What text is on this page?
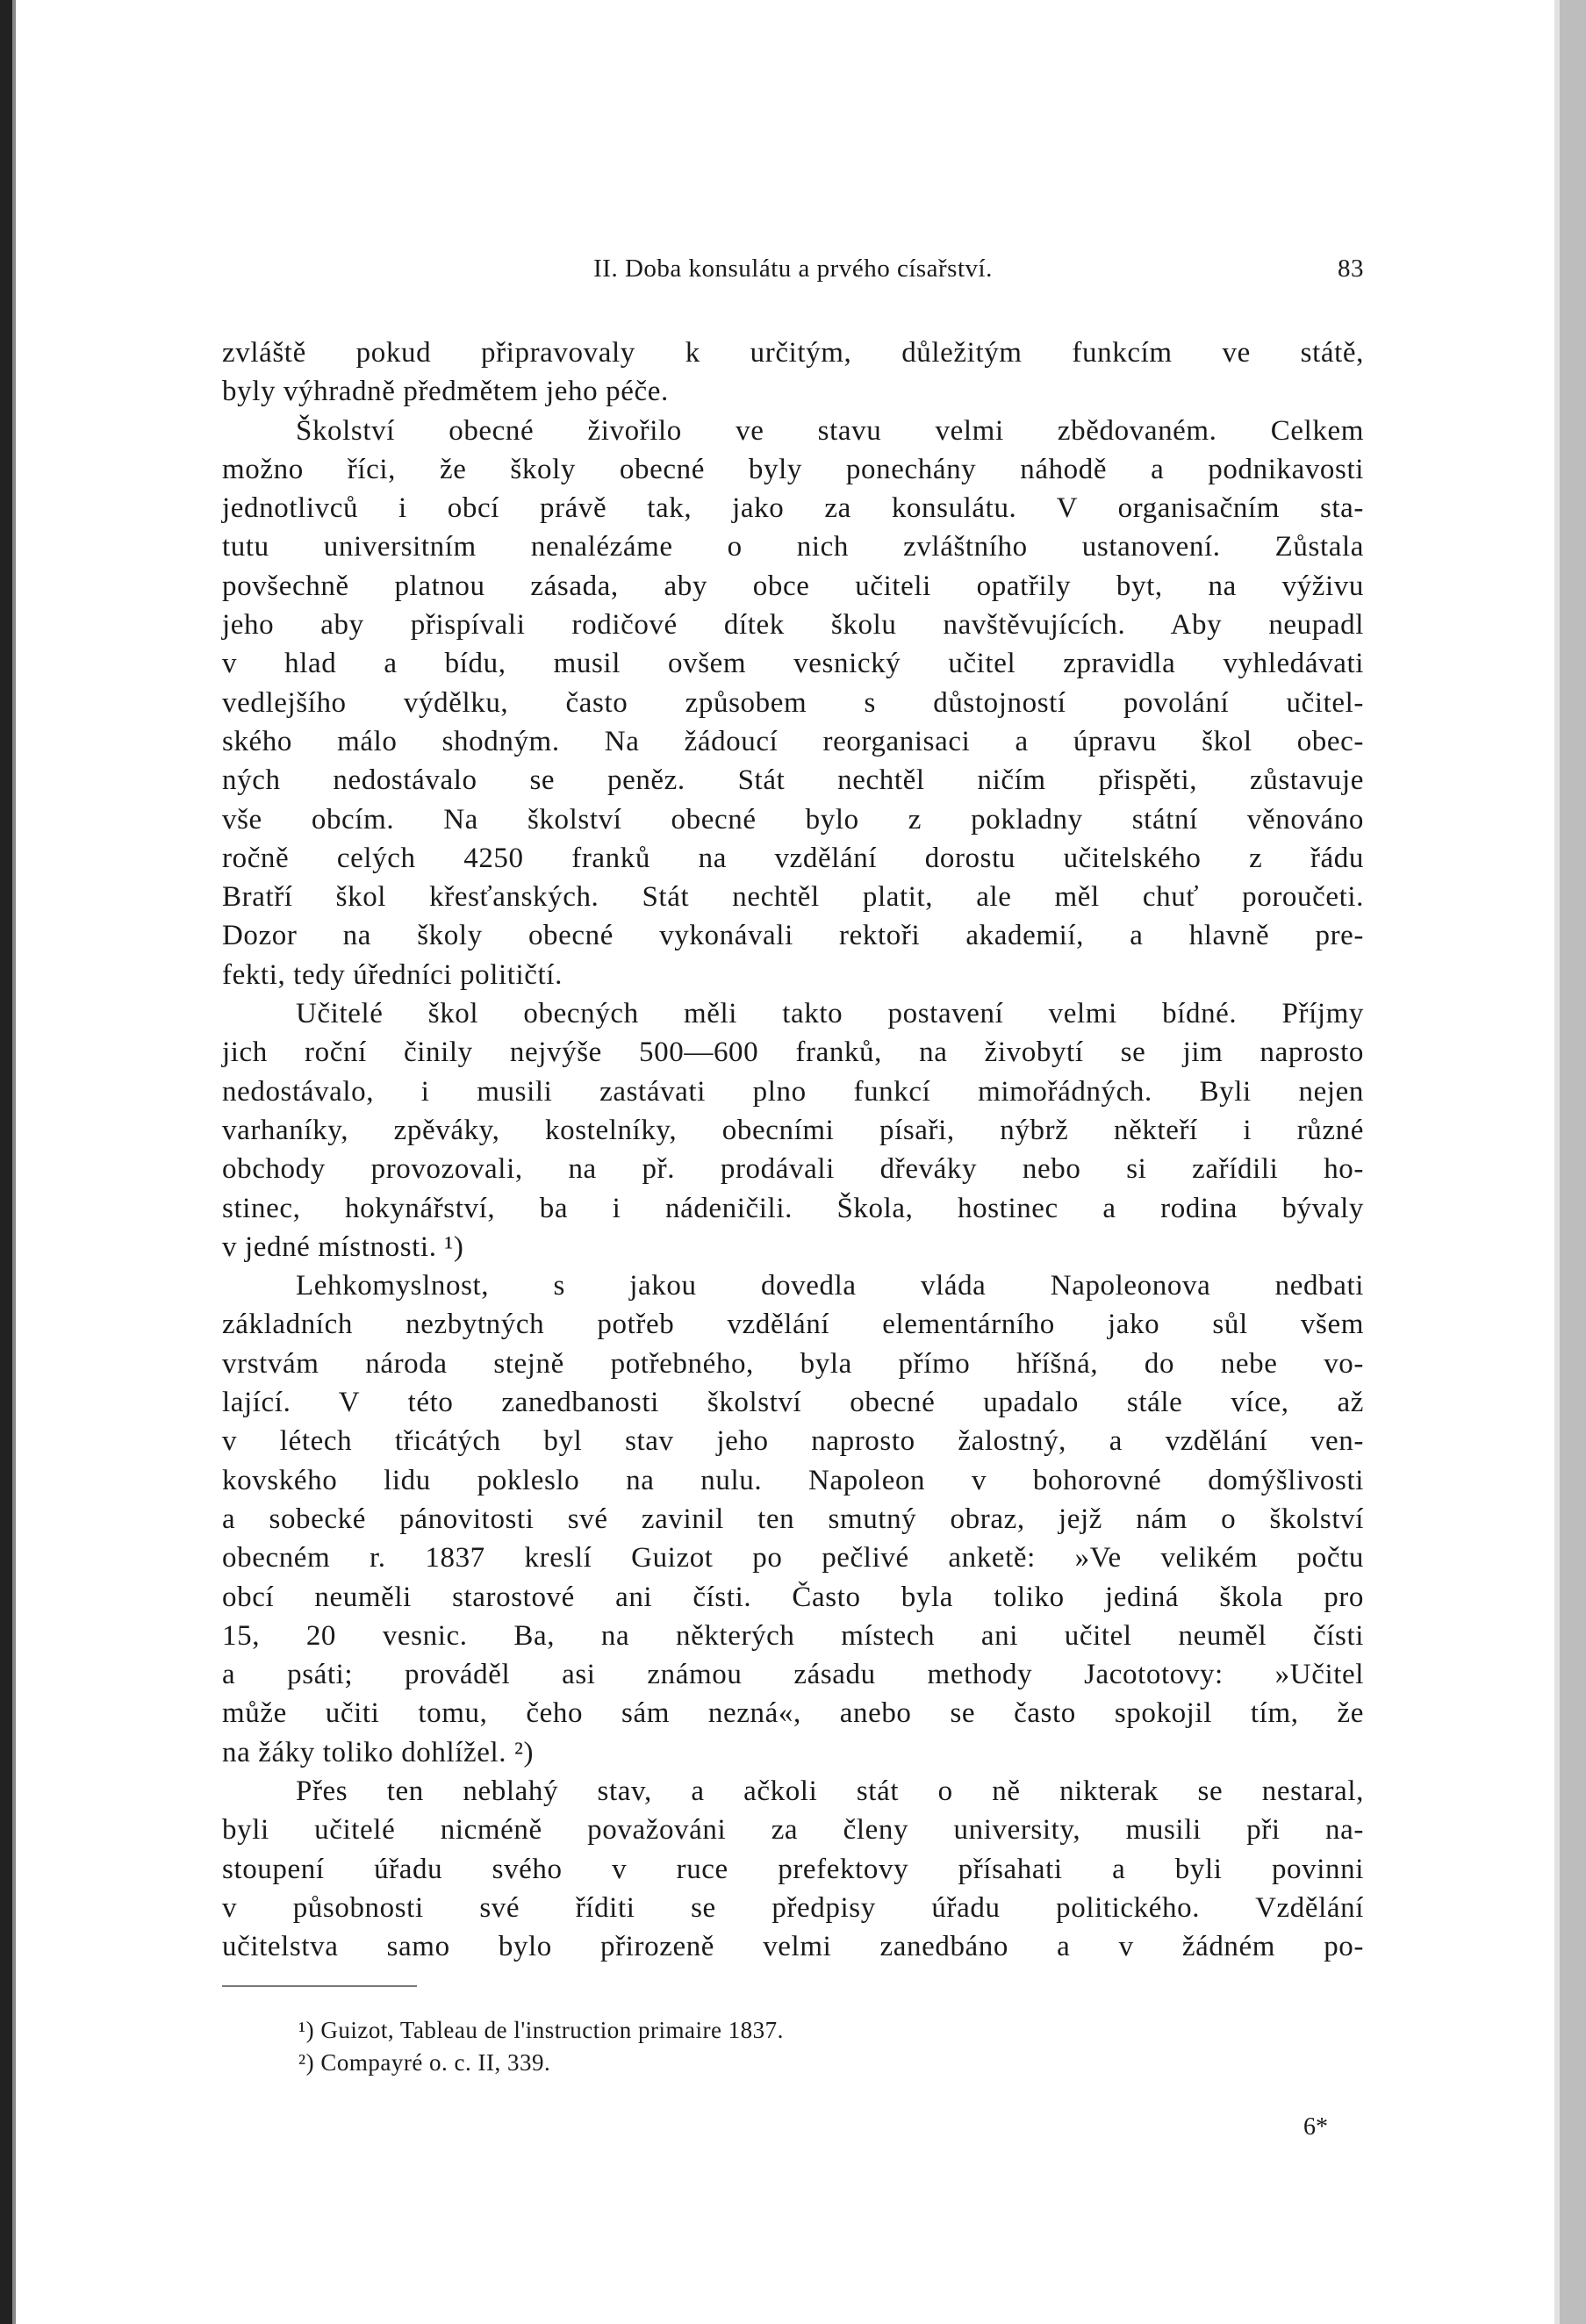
II. Doba konsulátu a prvého císařství.	83
zvláště pokud připravovaly k určitým, důležitým funkcím ve státě,
byly výhradně předmětem jeho péče.
Školství obecné živořilo ve stavu velmi zbědovaném. Celkem
možno říci, že školy obecné byly ponechány náhodě a podnikavosti
jednotlivců i obcí právě tak, jako za konsulátu. V organisačním sta-
tutu universitním nenalézáme o nich zvláštního ustanovení. Zůstala
povšechně platnou zásada, aby obce učiteli opatřily byt, na výživu
jeho aby přispívali rodičové dítek školu navštěvujících. Aby neupadl
v hlad a bídu, musil ovšem vesnický učitel zpravidla vyhledávati
vedlejšího výdělku, často způsobem s důstojností povolání učitel-
ského málo shodným. Na žádoucí reorganisaci a úpravu škol obec-
ných nedostávalo se peněz. Stát nechtěl ničím přispěti, zůstavuje
vše obcím. Na školství obecné bylo z pokladny státní věnováno
ročně celých 4250 franků na vzdělání dorostu učitelského z řádu
Bratří škol křesťanských. Stát nechtěl platit, ale měl chuť poroučeti.
Dozor na školy obecné vykonávali rektoři akademií, a hlavně pre-
fekti, tedy úředníci političtí.
Učitelé škol obecných měli takto postavení velmi bídné. Příjmy
jich roční činily nejvýše 500—600 franků, na živobytí se jim naprosto
nedostávalo, i musili zastávati plno funkcí mimořádných. Byli nejen
varhaníky, zpěváky, kostelníky, obecními písaři, nýbrž někteří i různé
obchody provozovali, na př. prodávali dřeváky nebo si zařídili ho-
stinec, hokynářství, ba i nádeničili. Škola, hostinec a rodina bývaly
v jedné místnosti. ¹)
Lehkomyslnost, s jakou dovedla vláda Napoleonova nedbati
základních nezbytných potřeb vzdělání elementárního jako sůl všem
vrstvám národa stejně potřebného, byla přímo hříšná, do nebe vo-
lající. V této zanedbanosti školství obecné upadalo stále více, až
v létech třicátých byl stav jeho naprosto žalostný, a vzdělání ven-
kovského lidu pokleslo na nulu. Napoleon v bohorovné domýšlivosti
a sobecké pánovitosti své zavinil ten smutný obraz, jejž nám o školství
obecném r. 1837 kreslí Guizot po pečlivé anketě: »Ve velikém počtu
obcí neuměli starostové ani čísti. Často byla toliko jediná škola pro
15, 20 vesnic. Ba, na některých místech ani učitel neuměl čísti
a psáti; prováděl asi známou zásadu methody Jacototovy: »Učitel
může učiti tomu, čeho sám nezná«, anebo se často spokojil tím, že
na žáky toliko dohlížel. ²)
Přes ten neblahý stav, a ačkoli stát o ně nikterak se nestaral,
byli učitelé nicméně považováni za členy university, musili při na-
stoupení úřadu svého v ruce prefektovy přísahati a byli povinni
v působnosti své říditi se předpisy úřadu politického. Vzdělání
učitelstva samo bylo přirozeně velmi zanedbáno a v žádném po-
¹) Guizot, Tableau de l'instruction primaire 1837.
²) Compayré o. c. II, 339.
6*
